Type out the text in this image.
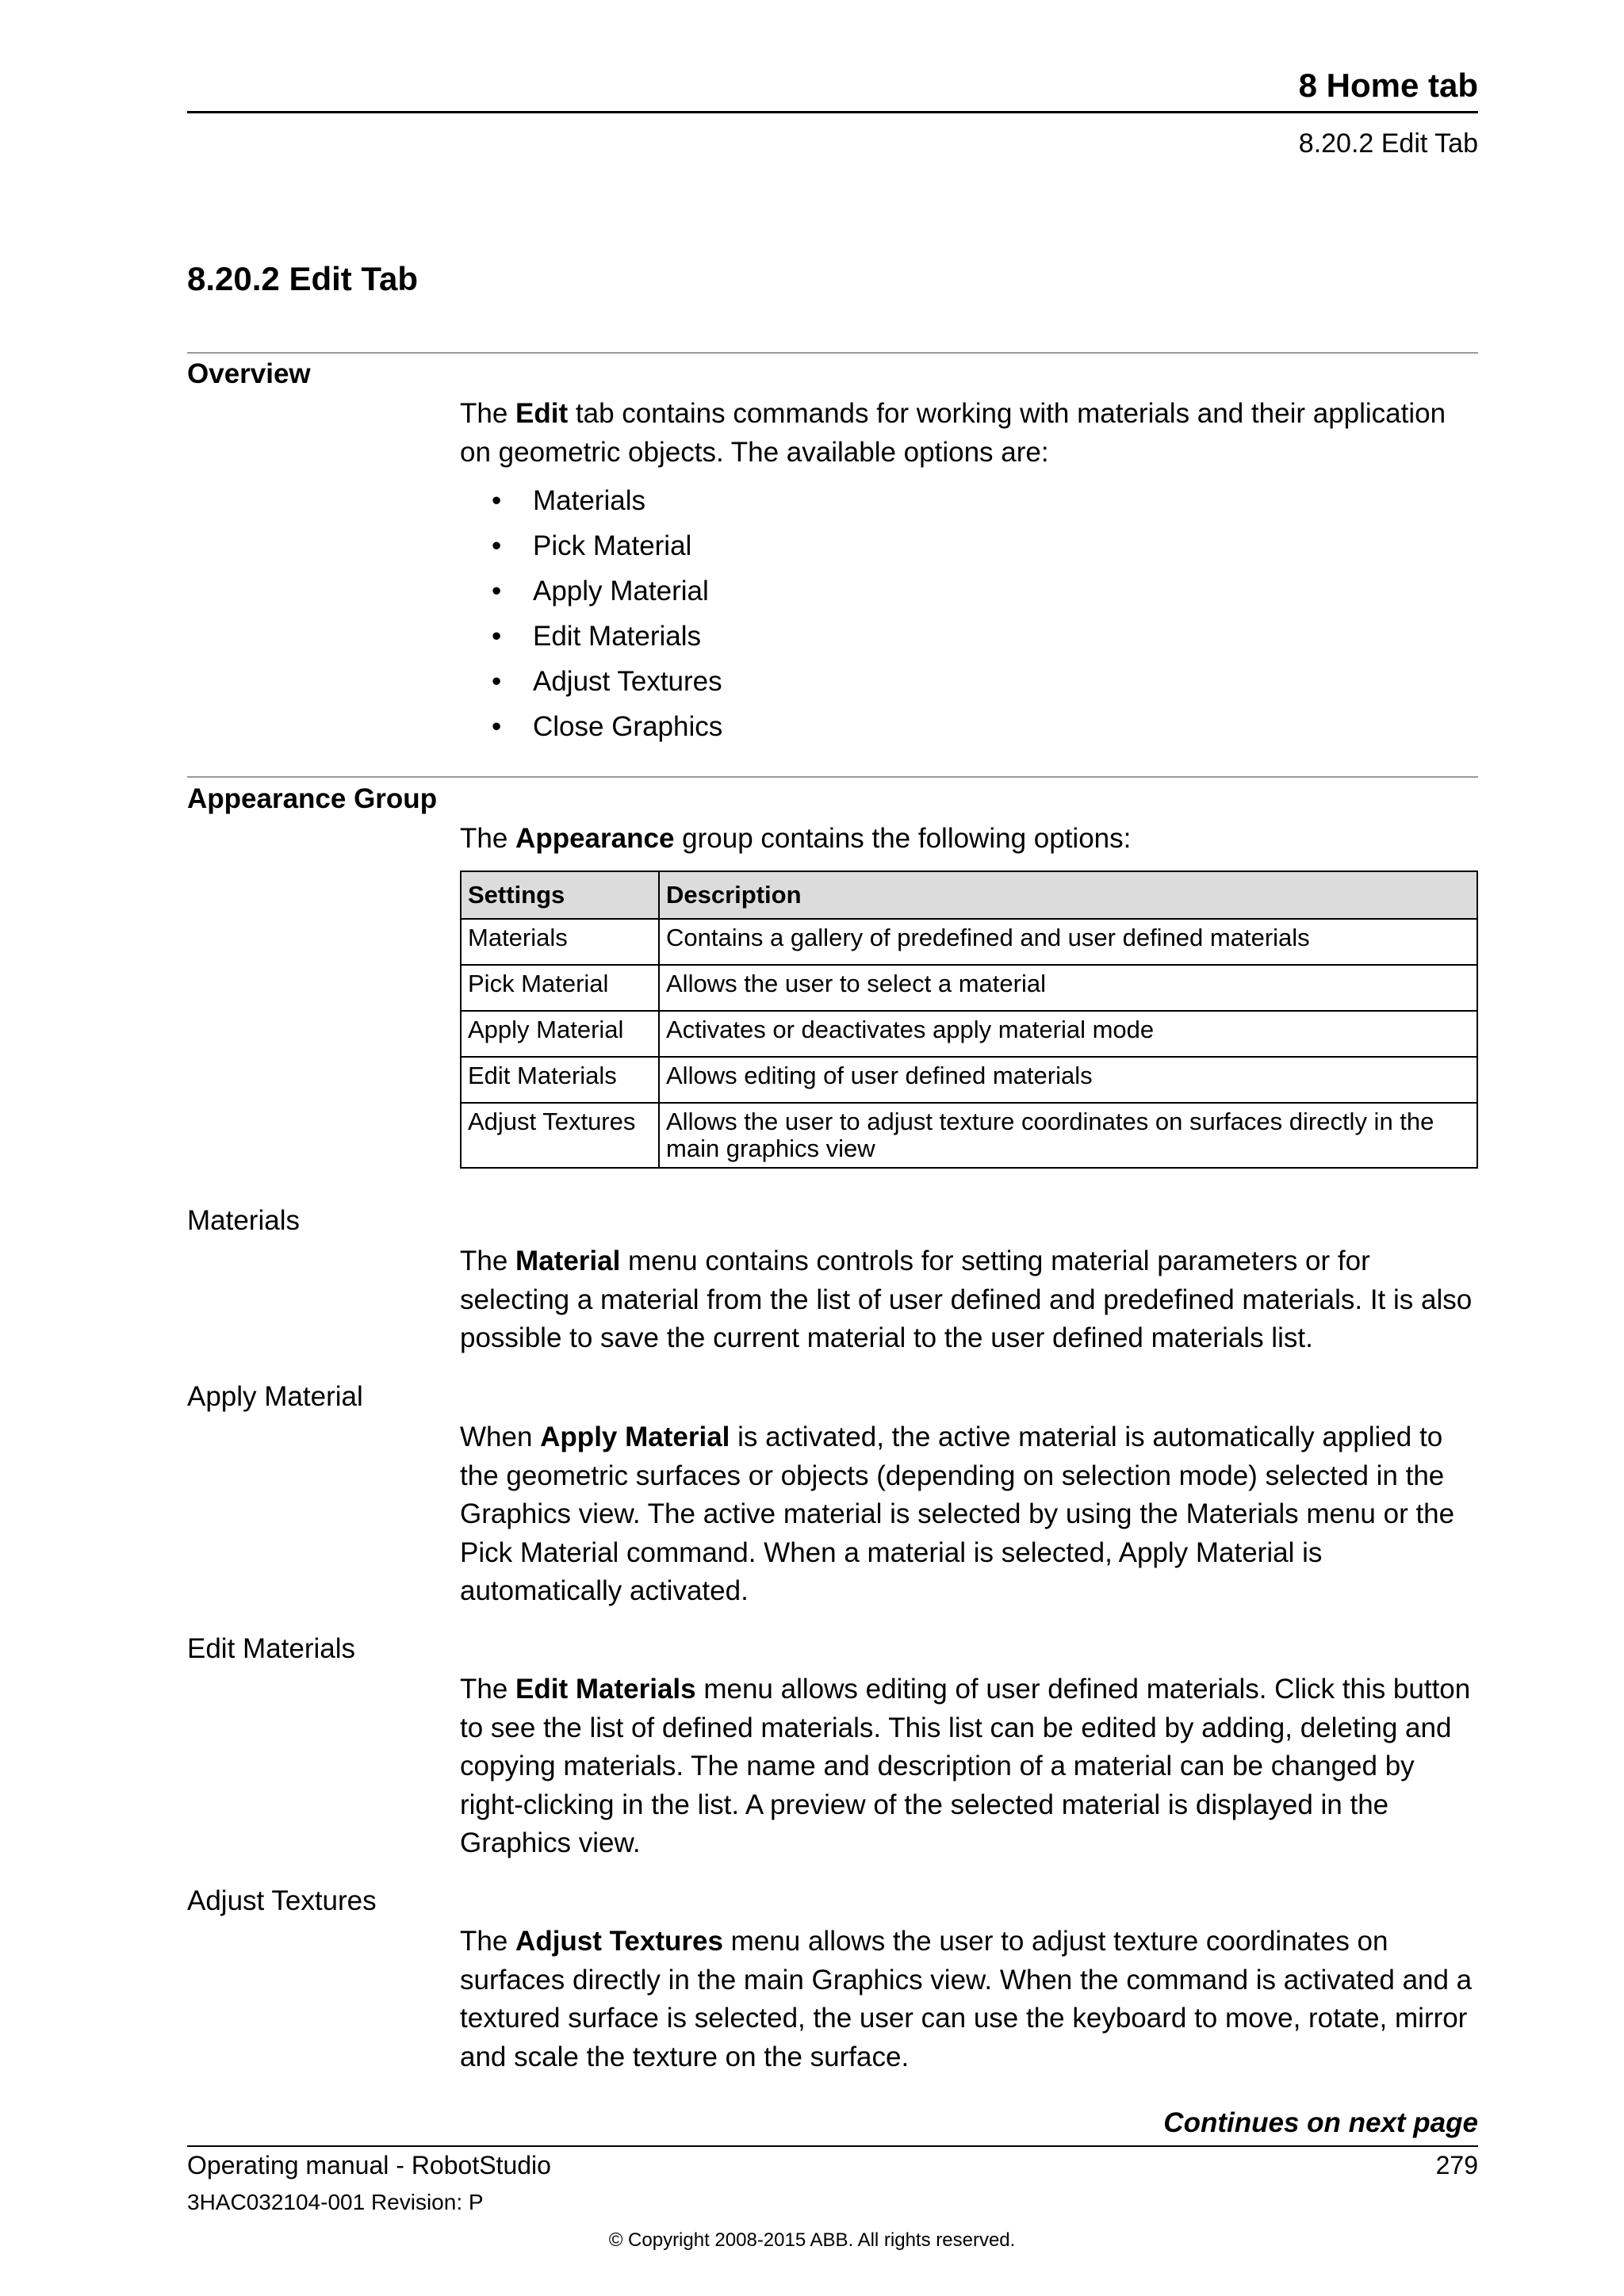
8 Home tab
8.20.2 Edit Tab
8.20.2 Edit Tab
Overview
The Edit tab contains commands for working with materials and their application on geometric objects. The available options are:
• Materials
• Pick Material
• Apply Material
• Edit Materials
• Adjust Textures
• Close Graphics
Appearance Group
The Appearance group contains the following options:
Settings	Description
Materials	Contains a gallery of predefined and user defined materials
Pick Material	Allows the user to select a material
Apply Material	Activates or deactivates apply material mode
Edit Materials	Allows editing of user defined materials
Adjust Textures	Allows the user to adjust texture coordinates on surfaces directly in the main graphics view
Materials
The Material menu contains controls for setting material parameters or for selecting a material from the list of user defined and predefined materials. It is also possible to save the current material to the user defined materials list.
Apply Material
When Apply Material is activated, the active material is automatically applied to the geometric surfaces or objects (depending on selection mode) selected in the Graphics view. The active material is selected by using the Materials menu or the Pick Material command. When a material is selected, Apply Material is automatically activated.
Edit Materials
The Edit Materials menu allows editing of user defined materials. Click this button to see the list of defined materials. This list can be edited by adding, deleting and copying materials. The name and description of a material can be changed by right-clicking in the list. A preview of the selected material is displayed in the Graphics view.
Adjust Textures
The Adjust Textures menu allows the user to adjust texture coordinates on surfaces directly in the main Graphics view. When the command is activated and a textured surface is selected, the user can use the keyboard to move, rotate, mirror and scale the texture on the surface.
Continues on next page
Operating manual - RobotStudio	279
3HAC032104-001 Revision: P
© Copyright 2008-2015 ABB. All rights reserved.
